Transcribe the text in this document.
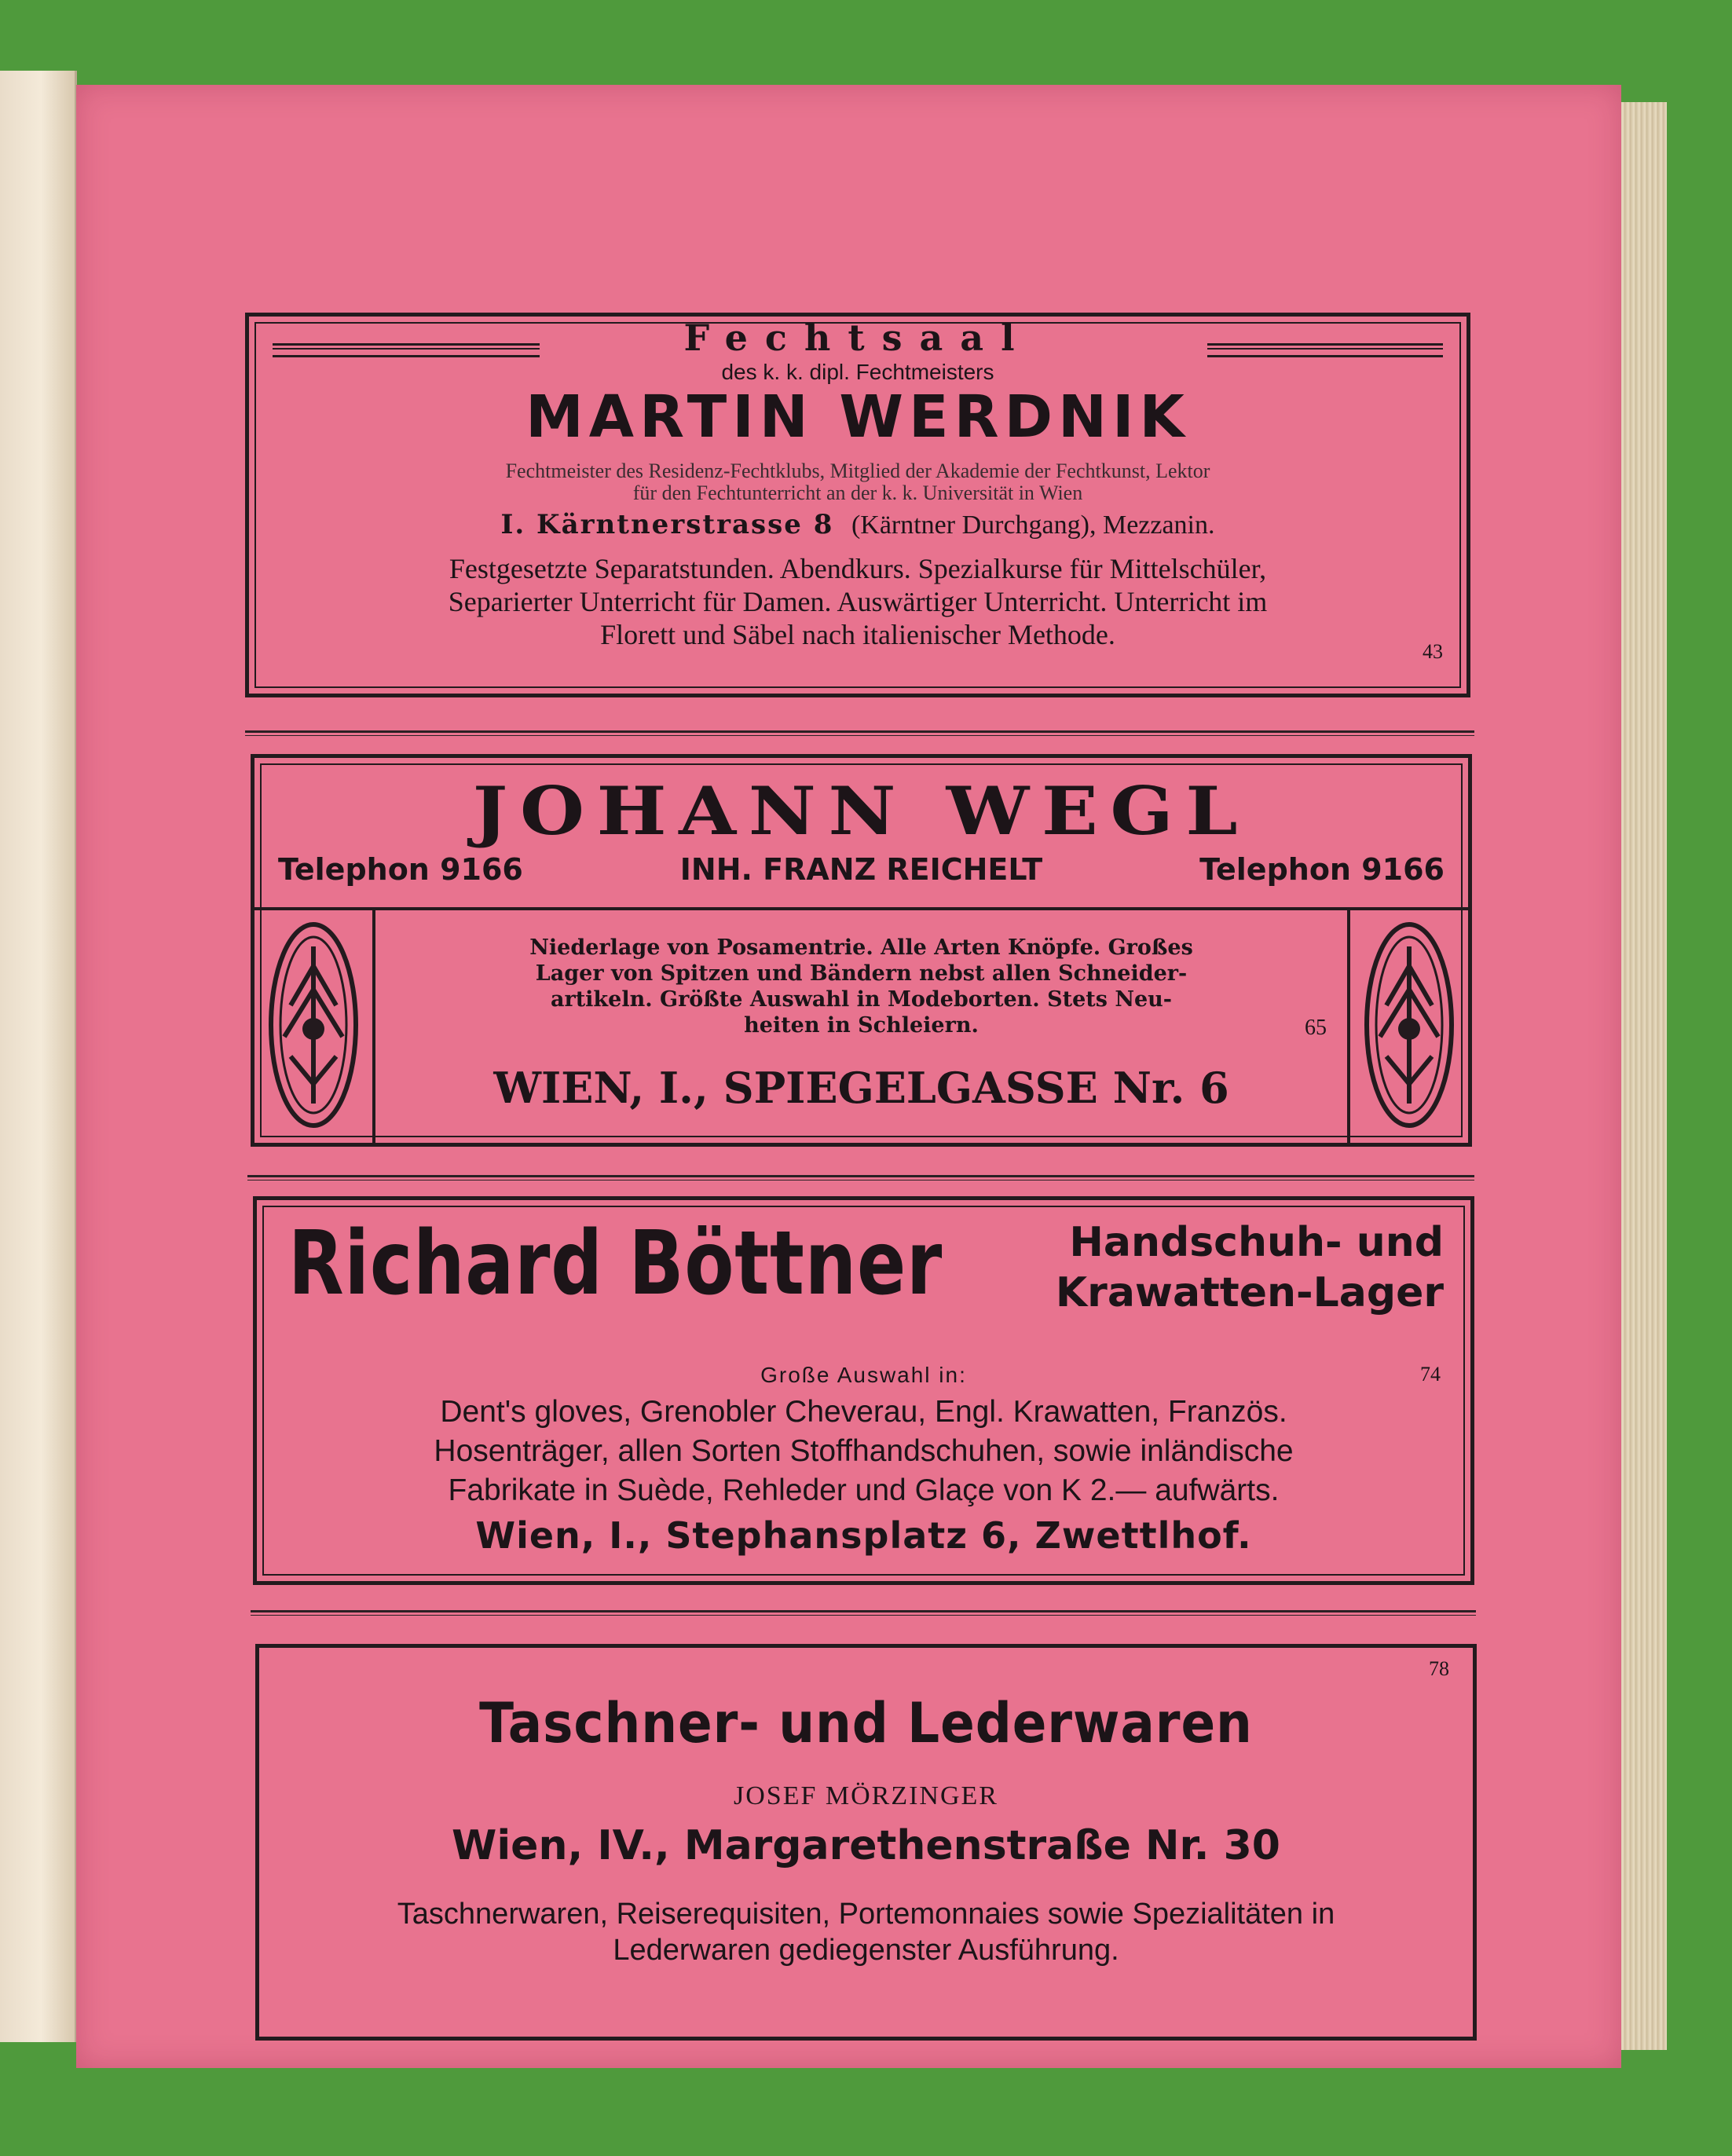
Fechtsaal
des k. k. dipl. Fechtmeisters
MARTIN WERDNIK
Fechtmeister des Residenz-Fechtklubs, Mitglied der Akademie der Fechtkunst, Lektor
für den Fechtunterricht an der k. k. Universität in Wien
I. Kärntnerstrasse 8 (Kärntner Durchgang), Mezzanin.
Festgesetzte Separatstunden. Abendkurs. Spezialkurse für Mittelschüler,
Separierter Unterricht für Damen. Auswärtiger Unterricht. Unterricht im
Florett und Säbel nach italienischer Methode.
43
JOHANN WEGL
Telephon 9166	INH. FRANZ REICHELT	Telephon 9166
Niederlage von Posamentrie. Alle Arten Knöpfe. Großes
Lager von Spitzen und Bändern nebst allen Schneider-
artikeln. Größte Auswahl in Modeborten. Stets Neu-
heiten in Schleiern.	65
WIEN, I., SPIEGELGASSE Nr. 6
Richard Böttner	Handschuh- und
Krawatten-Lager
Große Auswahl in:	74
Dent's gloves, Grenobler Cheverau, Engl. Krawatten, Französ.
Hosenträger, allen Sorten Stoffhandschuhen, sowie inländische
Fabrikate in Suède, Rehleder und Glaçe von K 2.— aufwärts.
Wien, I., Stephansplatz 6, Zwettlhof.
78
Taschner- und Lederwaren
JOSEF MÖRZINGER
Wien, IV., Margarethenstraße Nr. 30
Taschnerwaren, Reiserequisiten, Portemonnaies sowie Spezialitäten in
Lederwaren gediegenster Ausführung.
